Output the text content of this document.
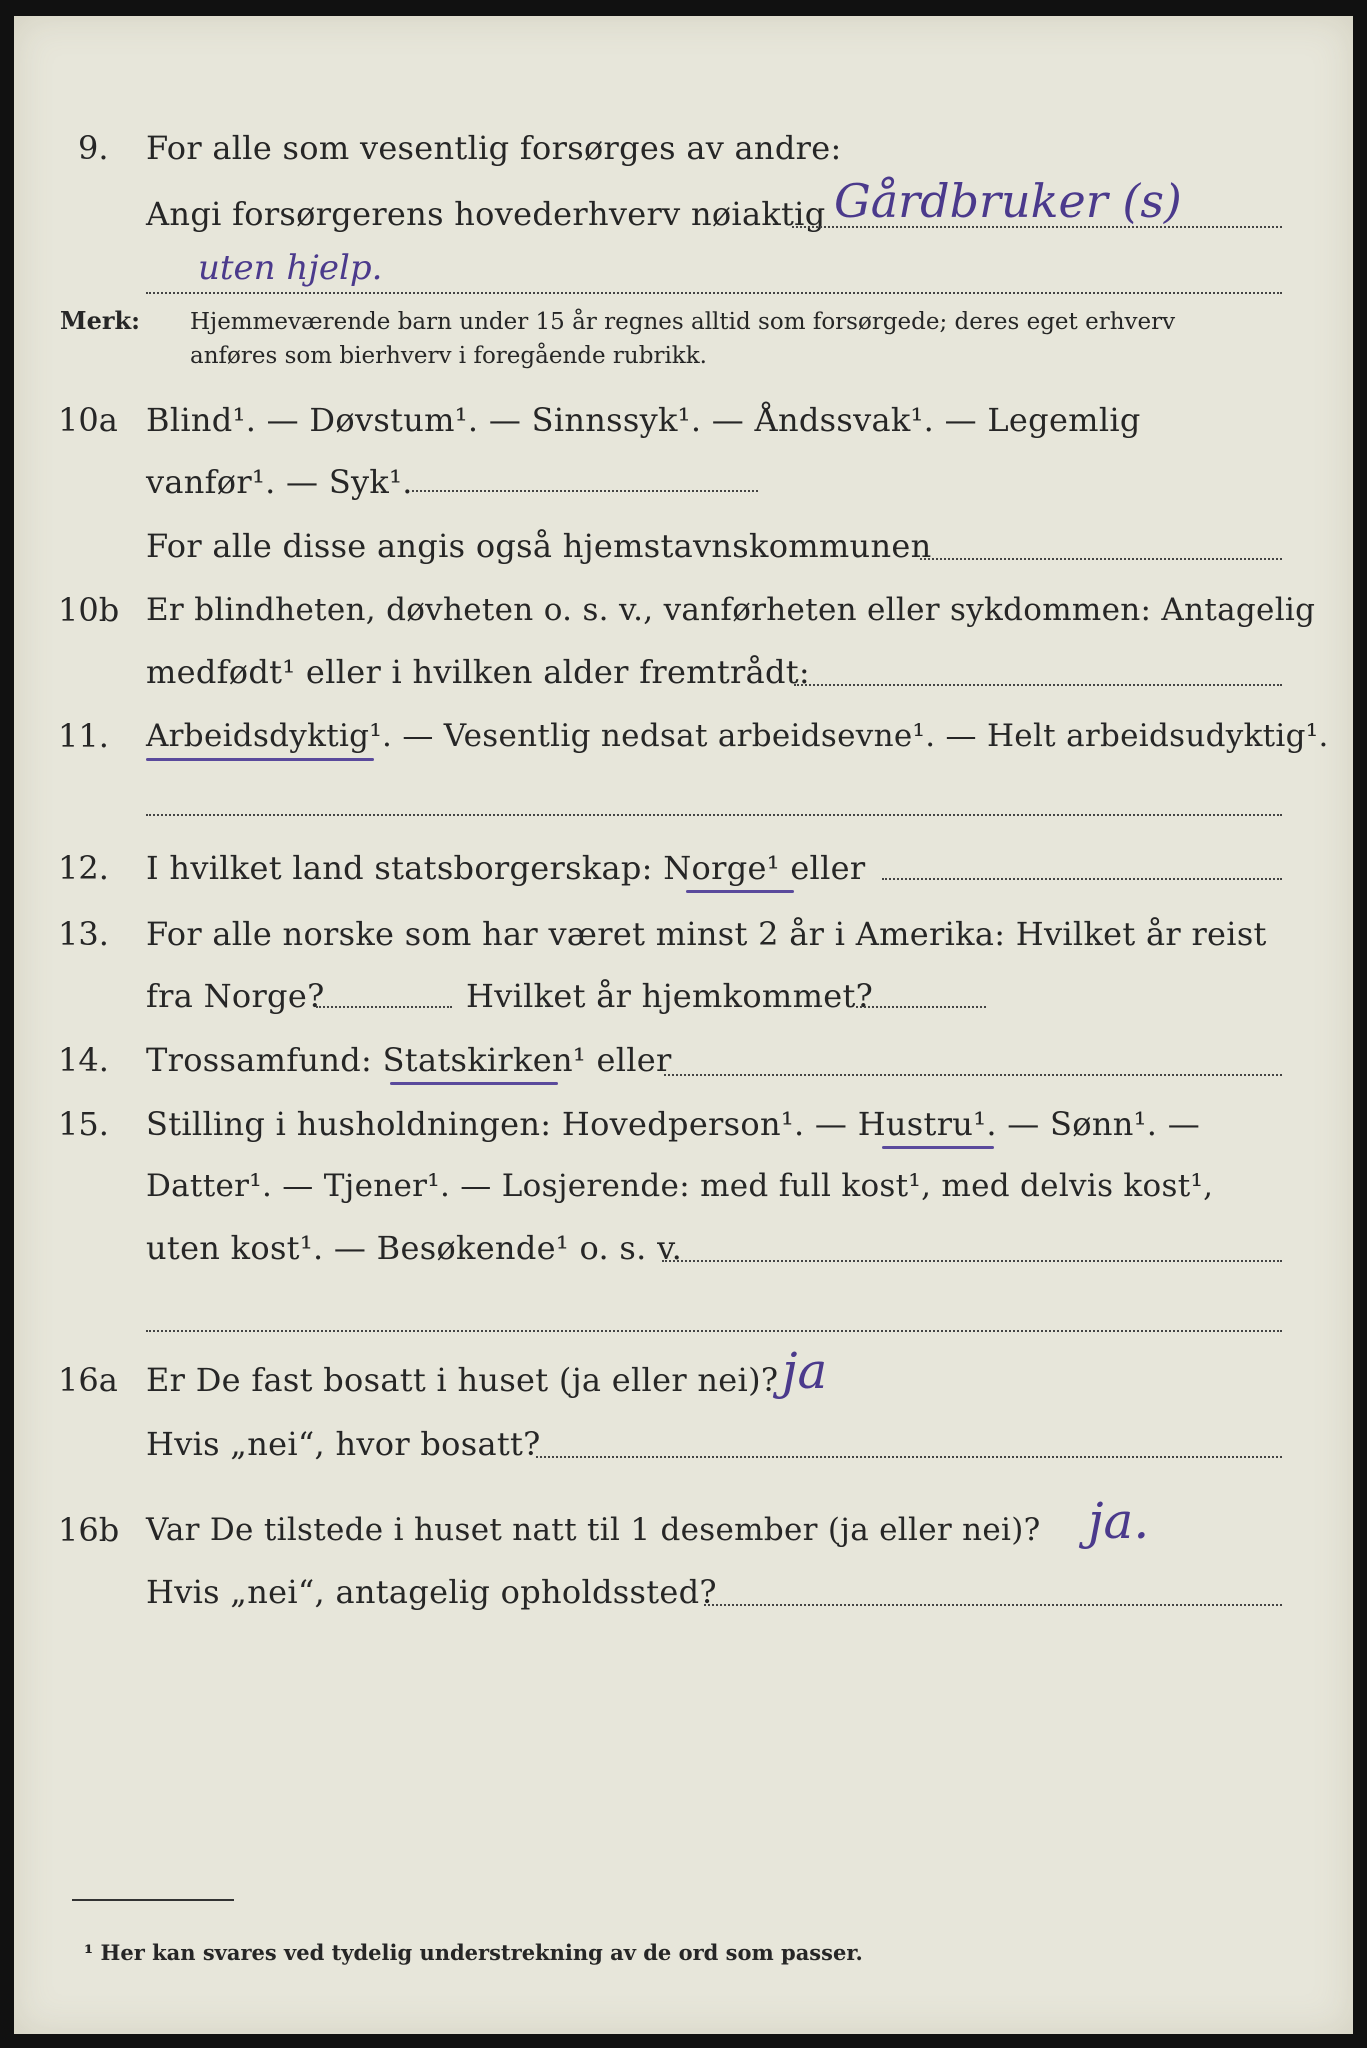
9. For alle som vesentlig forsørges av andre:
Angi forsørgerens hovederhverv nøiaktig Gårdbruker (s)
uten hjelp.
Merk: Hjemmeværende barn under 15 år regnes alltid som forsørgede; deres eget erhverv
anføres som bierhverv i foregående rubrikk.
10a Blind¹. — Døvstum¹. — Sinnssyk¹. — Åndssvak¹. — Legemlig
vanfør¹. — Syk¹.
For alle disse angis også hjemstavnskommunen
10b Er blindheten, døvheten o. s. v., vanførheten eller sykdommen: Antagelig
medfødt¹ eller i hvilken alder fremtrådt:
11. Arbeidsdyktig¹. — Vesentlig nedsat arbeidsevne¹. — Helt arbeidsudyktig¹.
12. I hvilket land statsborgerskap: Norge¹ eller
13. For alle norske som har været minst 2 år i Amerika: Hvilket år reist
fra Norge?	Hvilket år hjemkommet?
14. Trossamfund: Statskirken¹ eller
15. Stilling i husholdningen: Hovedperson¹. — Hustru¹. — Sønn¹. —
Datter¹. — Tjener¹. — Losjerende: med full kost¹, med delvis kost¹,
uten kost¹. — Besøkende¹ o. s. v.
16a Er De fast bosatt i huset (ja eller nei)? ja
Hvis „nei“, hvor bosatt?
16b Var De tilstede i huset natt til 1 desember (ja eller nei)? ja.
Hvis „nei“, antagelig opholdssted?
¹ Her kan svares ved tydelig understrekning av de ord som passer.
